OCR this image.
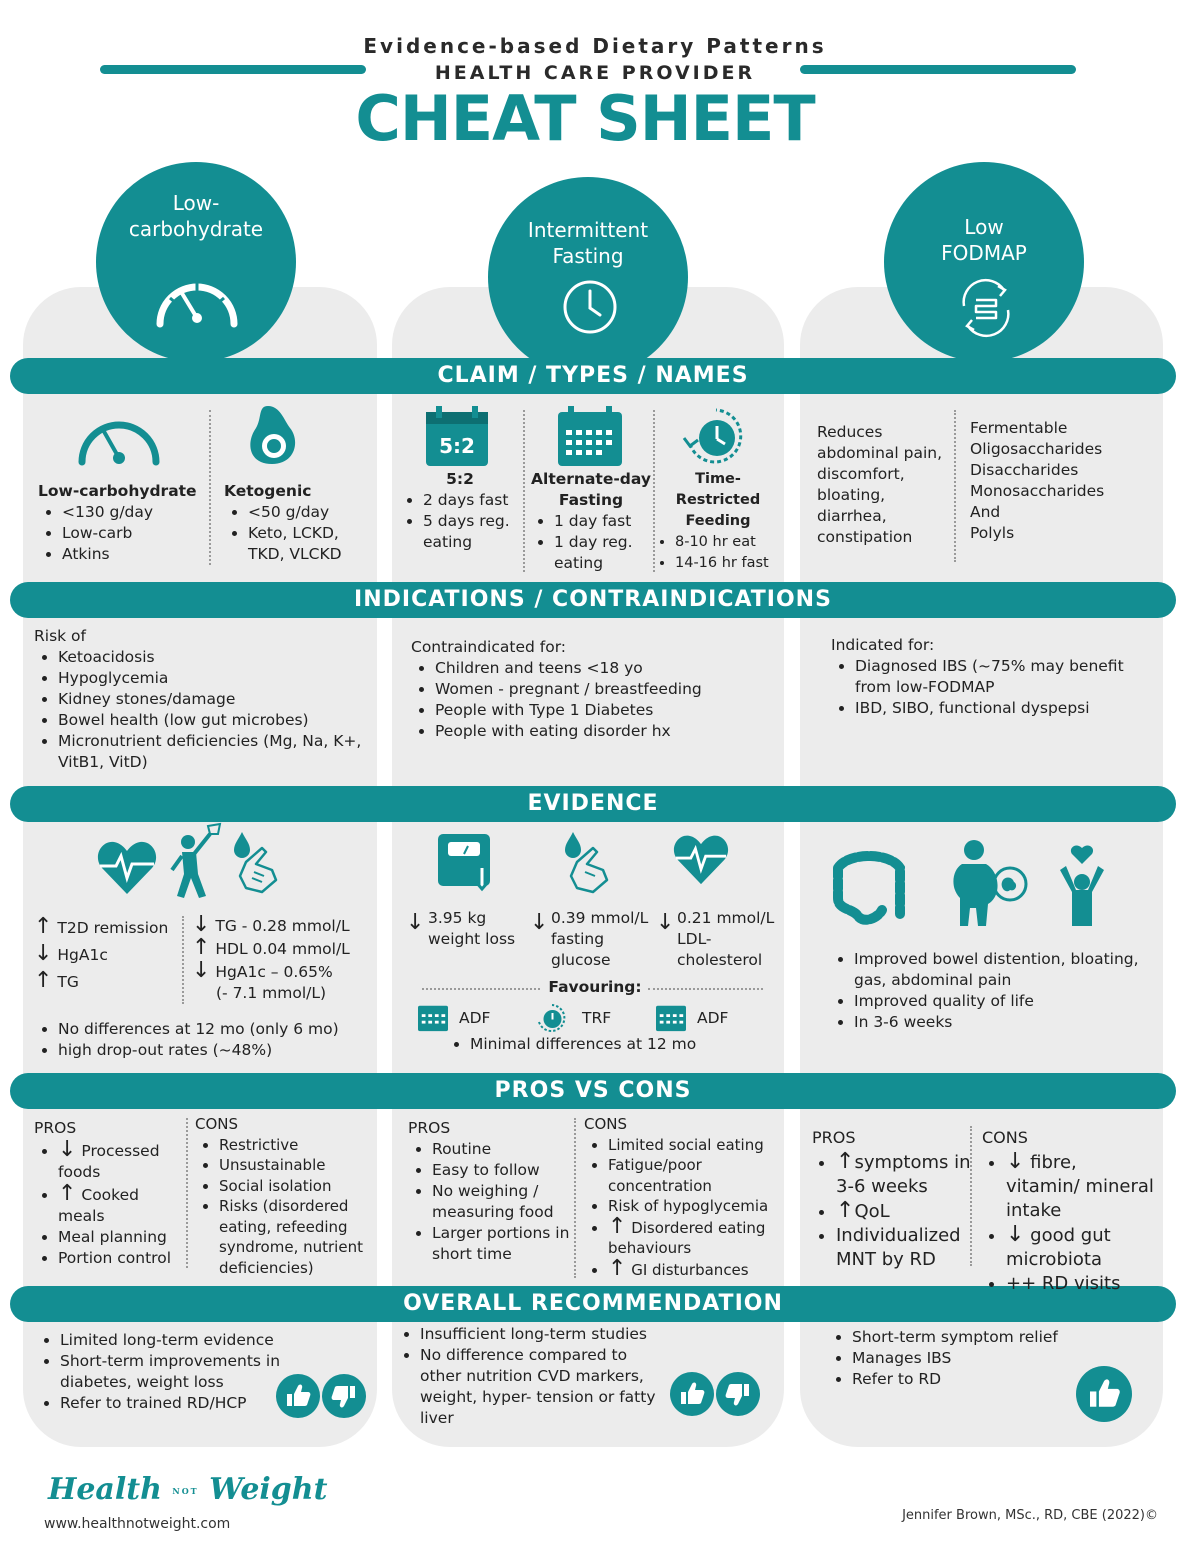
Evidence-based Dietary Patterns
HEALTH CARE PROVIDER
CHEAT SHEET
Low-
carbohydrate	Intermittent
Fasting
Low
FODMAP
CLAIM / TYPES / NAMES
INDICATIONS / CONTRAINDICATIONS
EVIDENCE
PROS VS CONS
OVERALL RECOMMENDATION
Low-carbohydrate
• <130 g/day
• Low-carb
• Atkins
Ketogenic
• <50 g/day
• Keto, LCKD, TKD, VLCKD
5:2
5:2
• 2 days fast
• 5 days reg. eating
Alternate-day
Fasting
• 1 day fast
• 1 day reg. eating
Time-Restricted
Feeding
• 8-10 hr eat
• 14-16 hr fast
Reduces
abdominal pain,
discomfort,
bloating,
diarrhea,
constipation
Fermentable
Oligosaccharides
Disaccharides
Monosaccharides
And
Polyls
Risk of
• Ketoacidosis
• Hypoglycemia
• Kidney stones/damage
• Bowel health (low gut microbes)
• Micronutrient deficiencies (Mg, Na, K+, VitB1, VitD)
Contraindicated for:
• Children and teens <18 yo
• Women - pregnant / breastfeeding
• People with Type 1 Diabetes
• People with eating disorder hx
Indicated for:
• Diagnosed IBS (~75% may benefit from low-FODMAP
• IBD, SIBO, functional dyspepsi
↑ T2D remission
↓ HgA1c
↑ TG
↓ TG - 0.28 mmol/L
↑ HDL 0.04 mmol/L
↓ HgA1c – 0.65%
(- 7.1 mmol/L)
• No differences at 12 mo (only 6 mo)
• high drop-out rates (~48%)
↓ 3.95 kg
weight loss
↓ 0.39 mmol/L
fasting
glucose
↓ 0.21 mmol/L
LDL-
cholesterol
Favouring:
ADF	TRF	ADF
• Minimal differences at 12 mo
• Improved bowel distention, bloating, gas, abdominal pain
• Improved quality of life
• In 3-6 weeks
PROS
• ↓ Processed foods
• ↑ Cooked meals
• Meal planning
• Portion control
CONS
• Restrictive
• Unsustainable
• Social isolation
• Risks (disordered eating, refeeding syndrome, nutrient deficiencies)
PROS
• Routine
• Easy to follow
• No weighing / measuring food
• Larger portions in short time
CONS
• Limited social eating
• Fatigue/poor concentration
• Risk of hypoglycemia
• ↑ Disordered eating behaviours
• ↑ GI disturbances
PROS
• ↑symptoms in 3-6 weeks
• ↑QoL
• Individualized MNT by RD
CONS
• ↓ fibre, vitamin/ mineral intake
• ↓ good gut microbiota
• ++ RD visits
• Limited long-term evidence
• Short-term improvements in diabetes, weight loss
• Refer to trained RD/HCP
• Insufficient long-term studies
• No difference compared to other nutrition CVD markers, weight, hyper- tension or fatty liver
• Short-term symptom relief
• Manages IBS
• Refer to RD
Health NOT Weight
www.healthnotweight.com
Jennifer Brown, MSc., RD, CBE (2022)©
